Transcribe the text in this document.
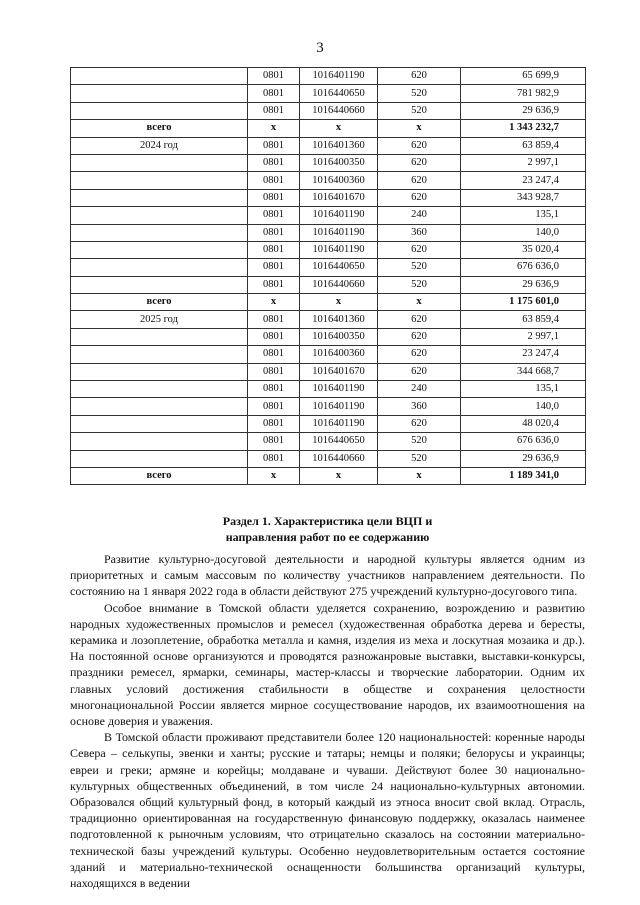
3
	0801	1016401190	620	65 699,9
	0801	1016440650	520	781 982,9
	0801	1016440660	520	29 636,9
всего	x	x	x	1 343 232,7
2024 год	0801	1016401360	620	63 859,4
	0801	1016400350	620	2 997,1
	0801	1016400360	620	23 247,4
	0801	1016401670	620	343 928,7
	0801	1016401190	240	135,1
	0801	1016401190	360	140,0
	0801	1016401190	620	35 020,4
	0801	1016440650	520	676 636,0
	0801	1016440660	520	29 636,9
всего	x	x	x	1 175 601,0
2025 год	0801	1016401360	620	63 859,4
	0801	1016400350	620	2 997,1
	0801	1016400360	620	23 247,4
	0801	1016401670	620	344 668,7
	0801	1016401190	240	135,1
	0801	1016401190	360	140,0
	0801	1016401190	620	48 020,4
	0801	1016440650	520	676 636,0
	0801	1016440660	520	29 636,9
всего	x	x	x	1 189 341,0
Раздел 1. Характеристика цели ВЦП и
направления работ по ее содержанию

Развитие культурно-досуговой деятельности и народной культуры является одним из приоритетных и самым массовым по количеству участников направлением деятельности. По состоянию на 1 января 2022 года в области действуют 275 учреждений культурно-досугового типа.

Особое внимание в Томской области уделяется сохранению, возрождению и развитию народных художественных промыслов и ремесел (художественная обработка дерева и бересты, керамика и лозоплетение, обработка металла и камня, изделия из меха и лоскутная мозаика и др.). На постоянной основе организуются и проводятся разножанровые выставки, выставки-конкурсы, праздники ремесел, ярмарки, семинары, мастер-классы и творческие лаборатории. Одним их главных условий достижения стабильности в обществе и сохранения целостности многонациональной России является мирное сосуществование народов, их взаимоотношения на основе доверия и уважения.

В Томской области проживают представители более 120 национальностей: коренные народы Севера – селькупы, эвенки и ханты; русские и татары; немцы и поляки; белорусы и украинцы; евреи и греки; армяне и корейцы; молдаване и чуваши. Действуют более 30 национально-культурных общественных объединений, в том числе 24 национально-культурных автономии. Образовался общий культурный фонд, в который каждый из этноса вносит свой вклад. Отрасль, традиционно ориентированная на государственную финансовую поддержку, оказалась наименее подготовленной к рыночным условиям, что отрицательно сказалось на состоянии материально-технической базы учреждений культуры. Особенно неудовлетворительным остается состояние зданий и материально-технической оснащенности большинства организаций культуры, находящихся в ведении
